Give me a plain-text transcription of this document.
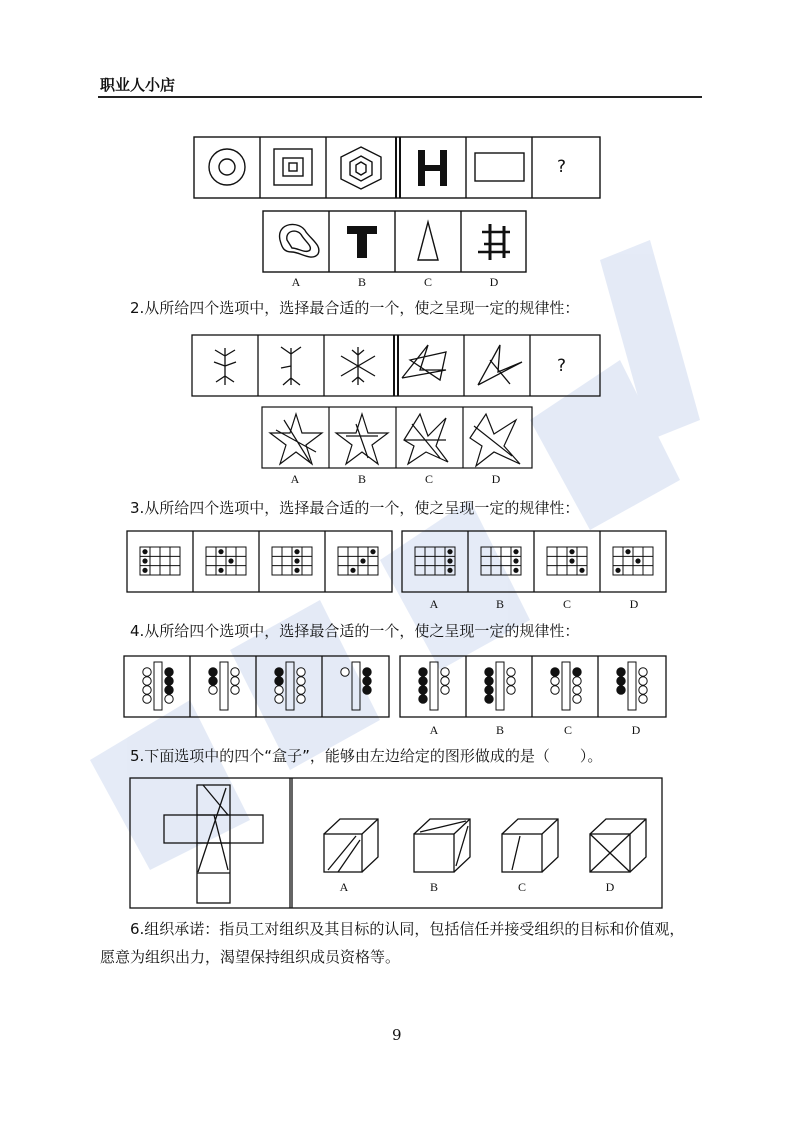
职业人小店
?
A	B	C	D
2.从所给四个选项中，选择最合适的一个，使之呈现一定的规律性：
?
A	B	C	D
3.从所给四个选项中，选择最合适的一个，使之呈现一定的规律性：
A	B	C	D
4.从所给四个选项中，选择最合适的一个，使之呈现一定的规律性：
A	B	C	D
5.下面选项中的四个“盒子”，能够由左边给定的图形做成的是（　　）。
A	B	C	D
6.组织承诺：指员工对组织及其目标的认同，包括信任并接受组织的目标和价值观，
愿意为组织出力，渴望保持组织成员资格等。
9
